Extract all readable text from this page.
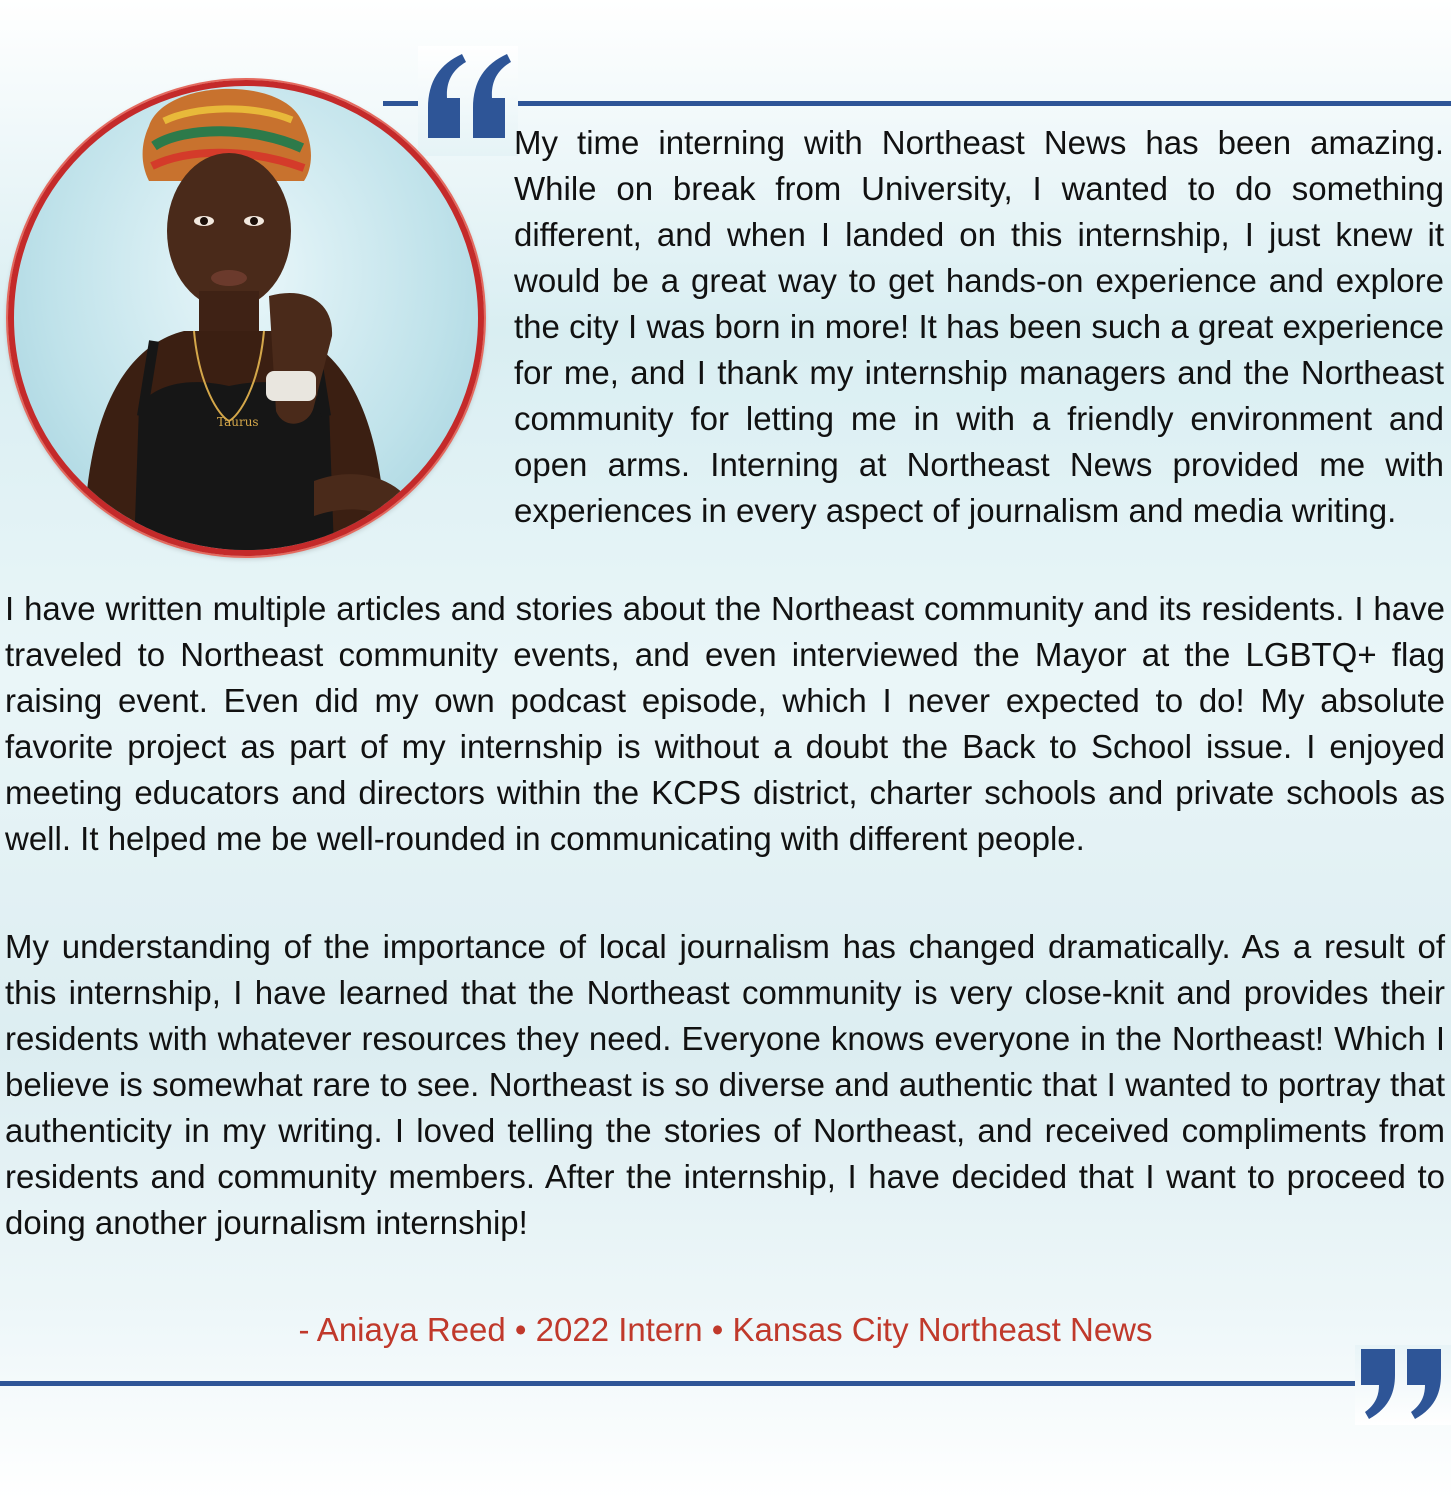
Taurus

My time interning with Northeast News has been amazing. While on break from University, I wanted to do something different, and when I landed on this internship, I just knew it would be a great way to get hands-on experience and explore the city I was born in more! It has been such a great experience for me, and I thank my internship managers and the Northeast community for letting me in with a friendly environment and open arms. Interning at Northeast News provided me with experiences in every aspect of journalism and media writing.

I have written multiple articles and stories about the Northeast community and its residents. I have traveled to Northeast community events, and even interviewed the Mayor at the LGBTQ+ flag raising event. Even did my own podcast episode, which I never expected to do! My absolute favorite project as part of my internship is without a doubt the Back to School issue. I enjoyed meeting educators and directors within the KCPS district, charter schools and private schools as well. It helped me be well-rounded in communicating with different people.

My understanding of the importance of local journalism has changed dramatically. As a result of this internship, I have learned that the Northeast community is very close-knit and provides their residents with whatever resources they need. Everyone knows everyone in the Northeast! Which I believe is somewhat rare to see. Northeast is so diverse and authentic that I wanted to portray that authenticity in my writing. I loved telling the stories of Northeast, and received compliments from residents and community members. After the internship, I have decided that I want to proceed to doing another journalism internship!

- Aniaya Reed • 2022 Intern • Kansas City Northeast News
